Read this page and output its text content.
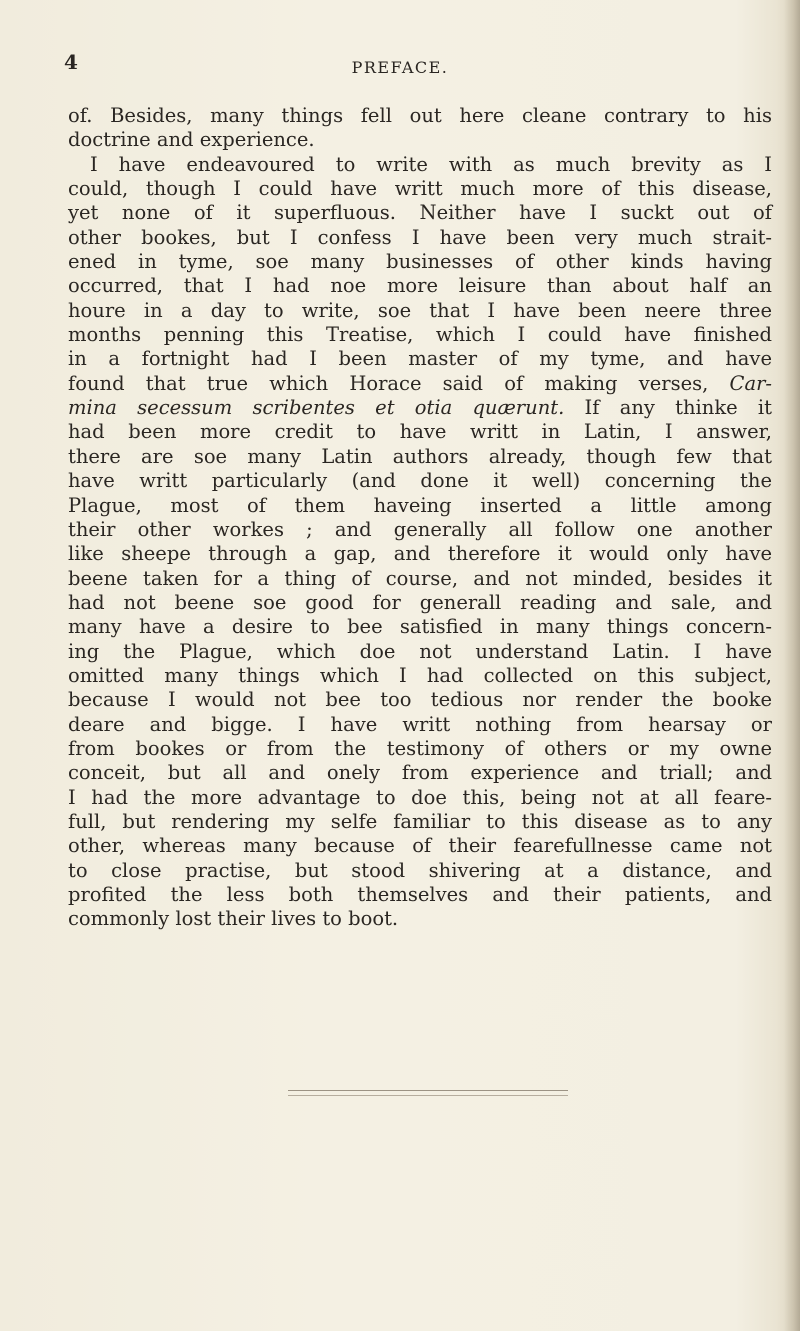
4	PREFACE.

of. Besides, many things fell out here cleane contrary to his
doctrine and experience.
I have endeavoured to write with as much brevity as I
could, though I could have writt much more of this disease,
yet none of it superfluous. Neither have I suckt out of
other bookes, but I confess I have been very much strait-
ened in tyme, soe many businesses of other kinds having
occurred, that I had noe more leisure than about half an
houre in a day to write, soe that I have been neere three
months penning this Treatise, which I could have finished
in a fortnight had I been master of my tyme, and have
found that true which Horace said of making verses, Car-
mina secessum scribentes et otia quærunt. If any thinke it
had been more credit to have writt in Latin, I answer,
there are soe many Latin authors already, though few that
have writt particularly (and done it well) concerning the
Plague, most of them haveing inserted a little among
their other workes ; and generally all follow one another
like sheepe through a gap, and therefore it would only have
beene taken for a thing of course, and not minded, besides it
had not beene soe good for generall reading and sale, and
many have a desire to bee satisfied in many things concern-
ing the Plague, which doe not understand Latin. I have
omitted many things which I had collected on this subject,
because I would not bee too tedious nor render the booke
deare and bigge. I have writt nothing from hearsay or
from bookes or from the testimony of others or my owne
conceit, but all and onely from experience and triall; and
I had the more advantage to doe this, being not at all feare-
full, but rendering my selfe familiar to this disease as to any
other, whereas many because of their fearefullnesse came not
to close practise, but stood shivering at a distance, and
profited the less both themselves and their patients, and
commonly lost their lives to boot.
